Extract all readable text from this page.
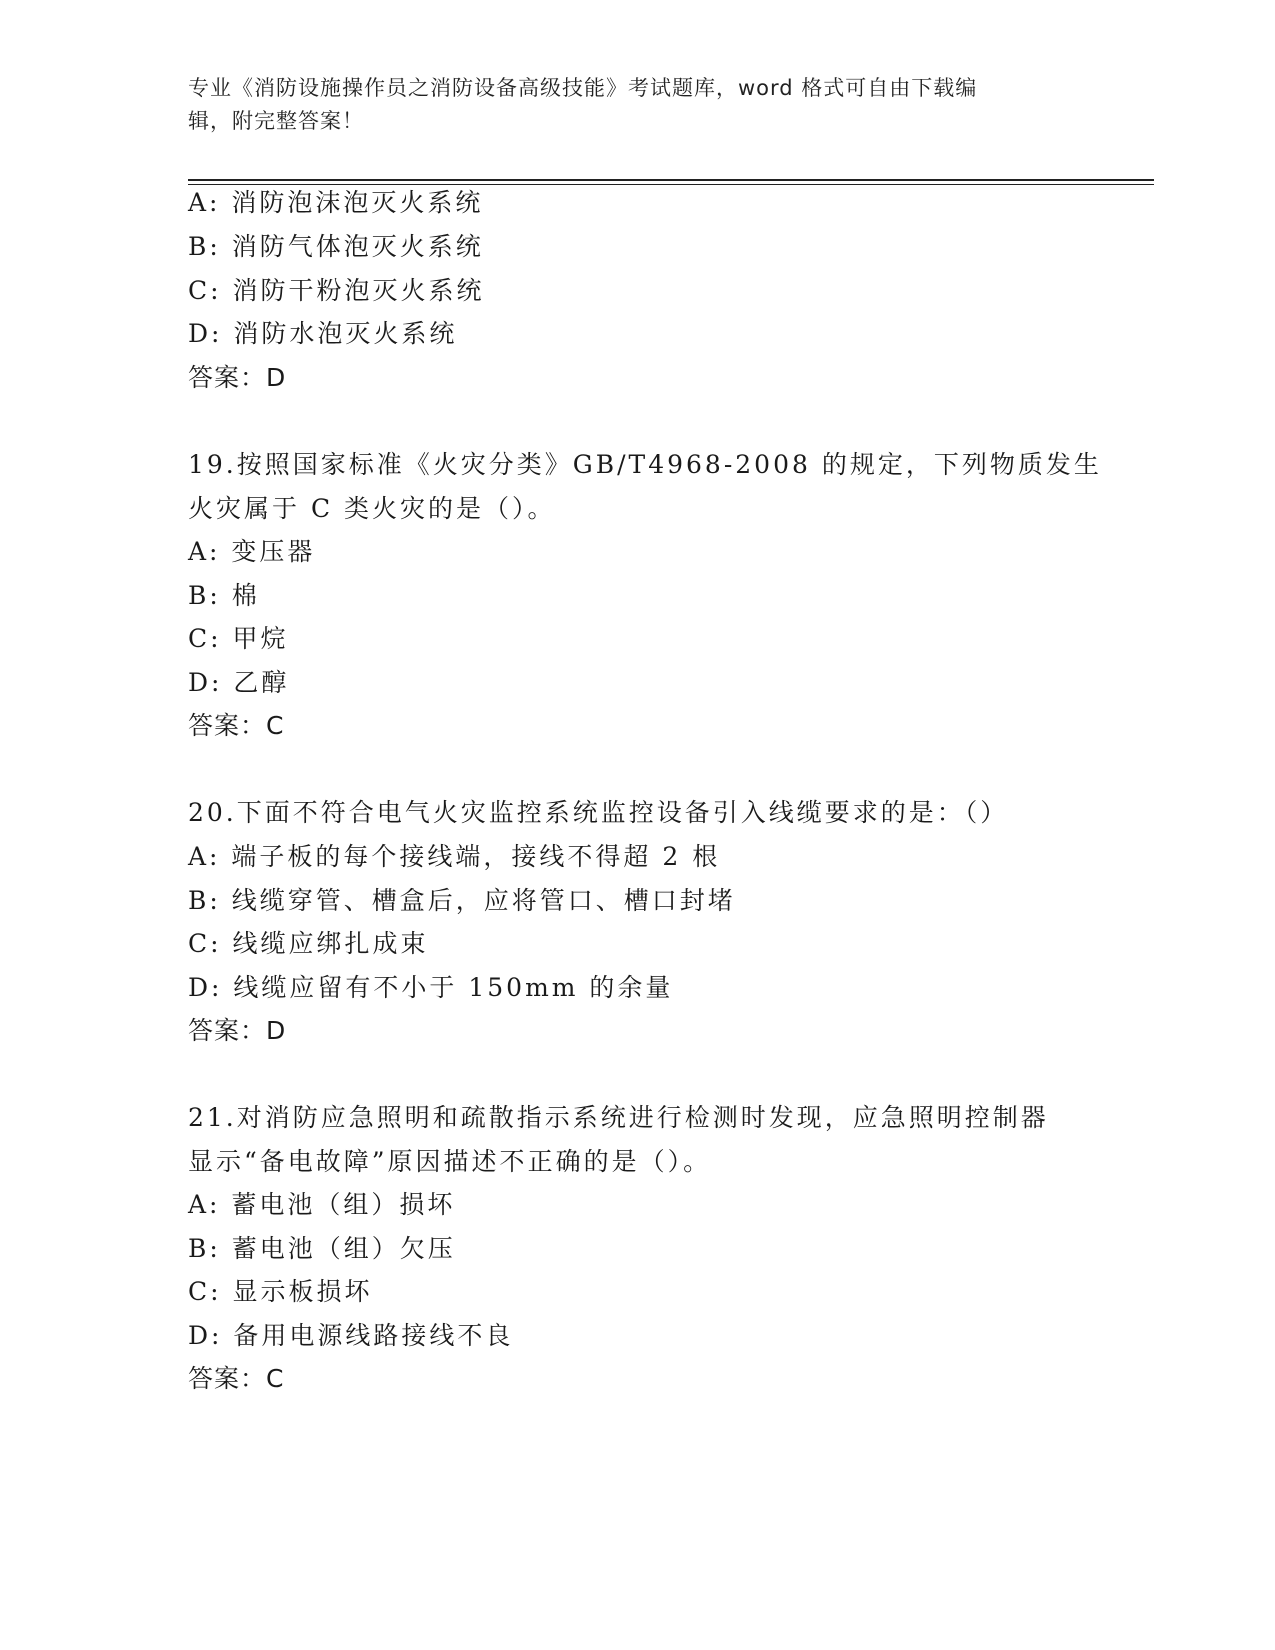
专业《消防设施操作员之消防设备高级技能》考试题库，word 格式可自由下载编
辑，附完整答案！
A: 消防泡沫泡灭火系统
B: 消防气体泡灭火系统
C: 消防干粉泡灭火系统
D: 消防水泡灭火系统
答案：D
19.按照国家标准《火灾分类》GB/T4968-2008 的规定，下列物质发生
火灾属于 C 类火灾的是（）。
A: 变压器
B: 棉
C: 甲烷
D: 乙醇
答案：C
20.下面不符合电气火灾监控系统监控设备引入线缆要求的是：（）
A: 端子板的每个接线端，接线不得超 2 根
B: 线缆穿管、槽盒后，应将管口、槽口封堵
C: 线缆应绑扎成束
D: 线缆应留有不小于 150mm 的余量
答案：D
21.对消防应急照明和疏散指示系统进行检测时发现，应急照明控制器
显示“备电故障”原因描述不正确的是（）。
A: 蓄电池（组）损坏
B: 蓄电池（组）欠压
C: 显示板损坏
D: 备用电源线路接线不良
答案：C
